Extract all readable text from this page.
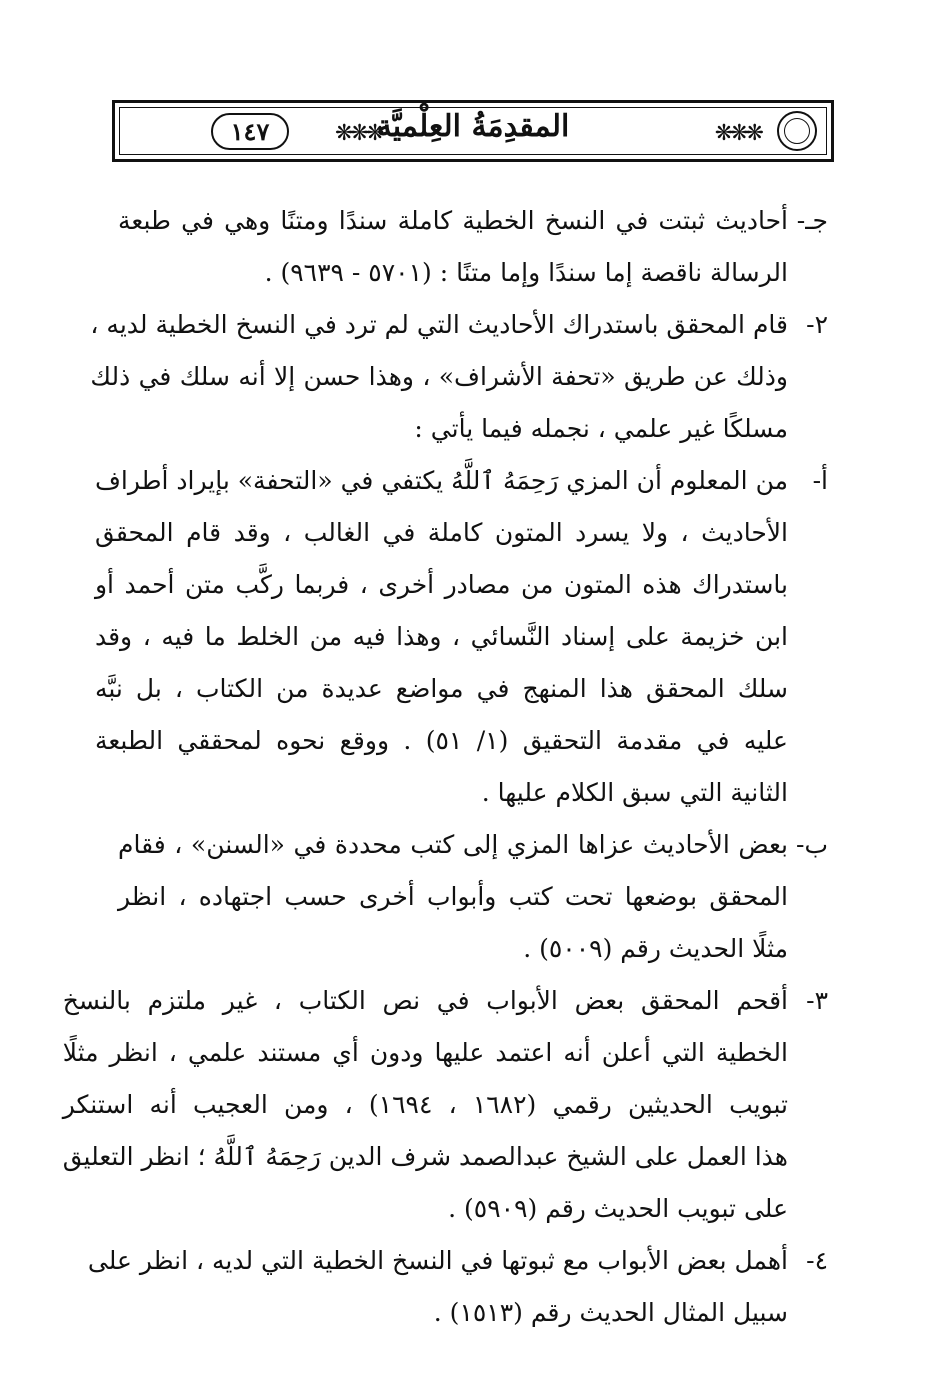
❋❋❋
١٤٧	المقدِمَةُ العِلْميَّة	❋❋❋
جـ-
أحاديث ثبتت في النسخ الخطية كاملة سندًا ومتنًا وهي في طبعة
الرسالة ناقصة إما سندًا وإما متنًا : (٥٧٠١ - ٩٦٣٩) .
٢-
قام المحقق باستدراك الأحاديث التي لم ترد في النسخ الخطية لديه ،
وذلك عن طريق «تحفة الأشراف» ، وهذا حسن إلا أنه سلك في ذلك
مسلكًا غير علمي ، نجمله فيما يأتي :
أ-
من المعلوم أن المزي رَحِمَهُ ٱللَّهُ يكتفي في «التحفة» بإيراد أطراف
الأحاديث ، ولا يسرد المتون كاملة في الغالب ، وقد قام المحقق
باستدراك هذه المتون من مصادر أخرى ، فربما ركَّب متن أحمد أو
ابن خزيمة على إسناد النَّسائي ، وهذا فيه من الخلط ما فيه ، وقد
سلك المحقق هذا المنهج في مواضع عديدة من الكتاب ، بل نبَّه
عليه في مقدمة التحقيق (١/ ٥١) . ووقع نحوه لمحققي الطبعة
الثانية التي سبق الكلام عليها .
ب-
بعض الأحاديث عزاها المزي إلى كتب محددة في «السنن» ، فقام
المحقق بوضعها تحت كتب وأبواب أخرى حسب اجتهاده ، انظر
مثلًا الحديث رقم (٥٠٠٩) .
٣-
أقحم المحقق بعض الأبواب في نص الكتاب ، غير ملتزم بالنسخ
الخطية التي أعلن أنه اعتمد عليها ودون أي مستند علمي ، انظر مثلًا
تبويب الحديثين رقمي (١٦٨٢ ، ١٦٩٤) ، ومن العجيب أنه استنكر
هذا العمل على الشيخ عبدالصمد شرف الدين رَحِمَهُ ٱللَّهُ ؛ انظر التعليق
على تبويب الحديث رقم (٥٩٠٩) .
٤-
أهمل بعض الأبواب مع ثبوتها في النسخ الخطية التي لديه ، انظر على
سبيل المثال الحديث رقم (١٥١٣) .
